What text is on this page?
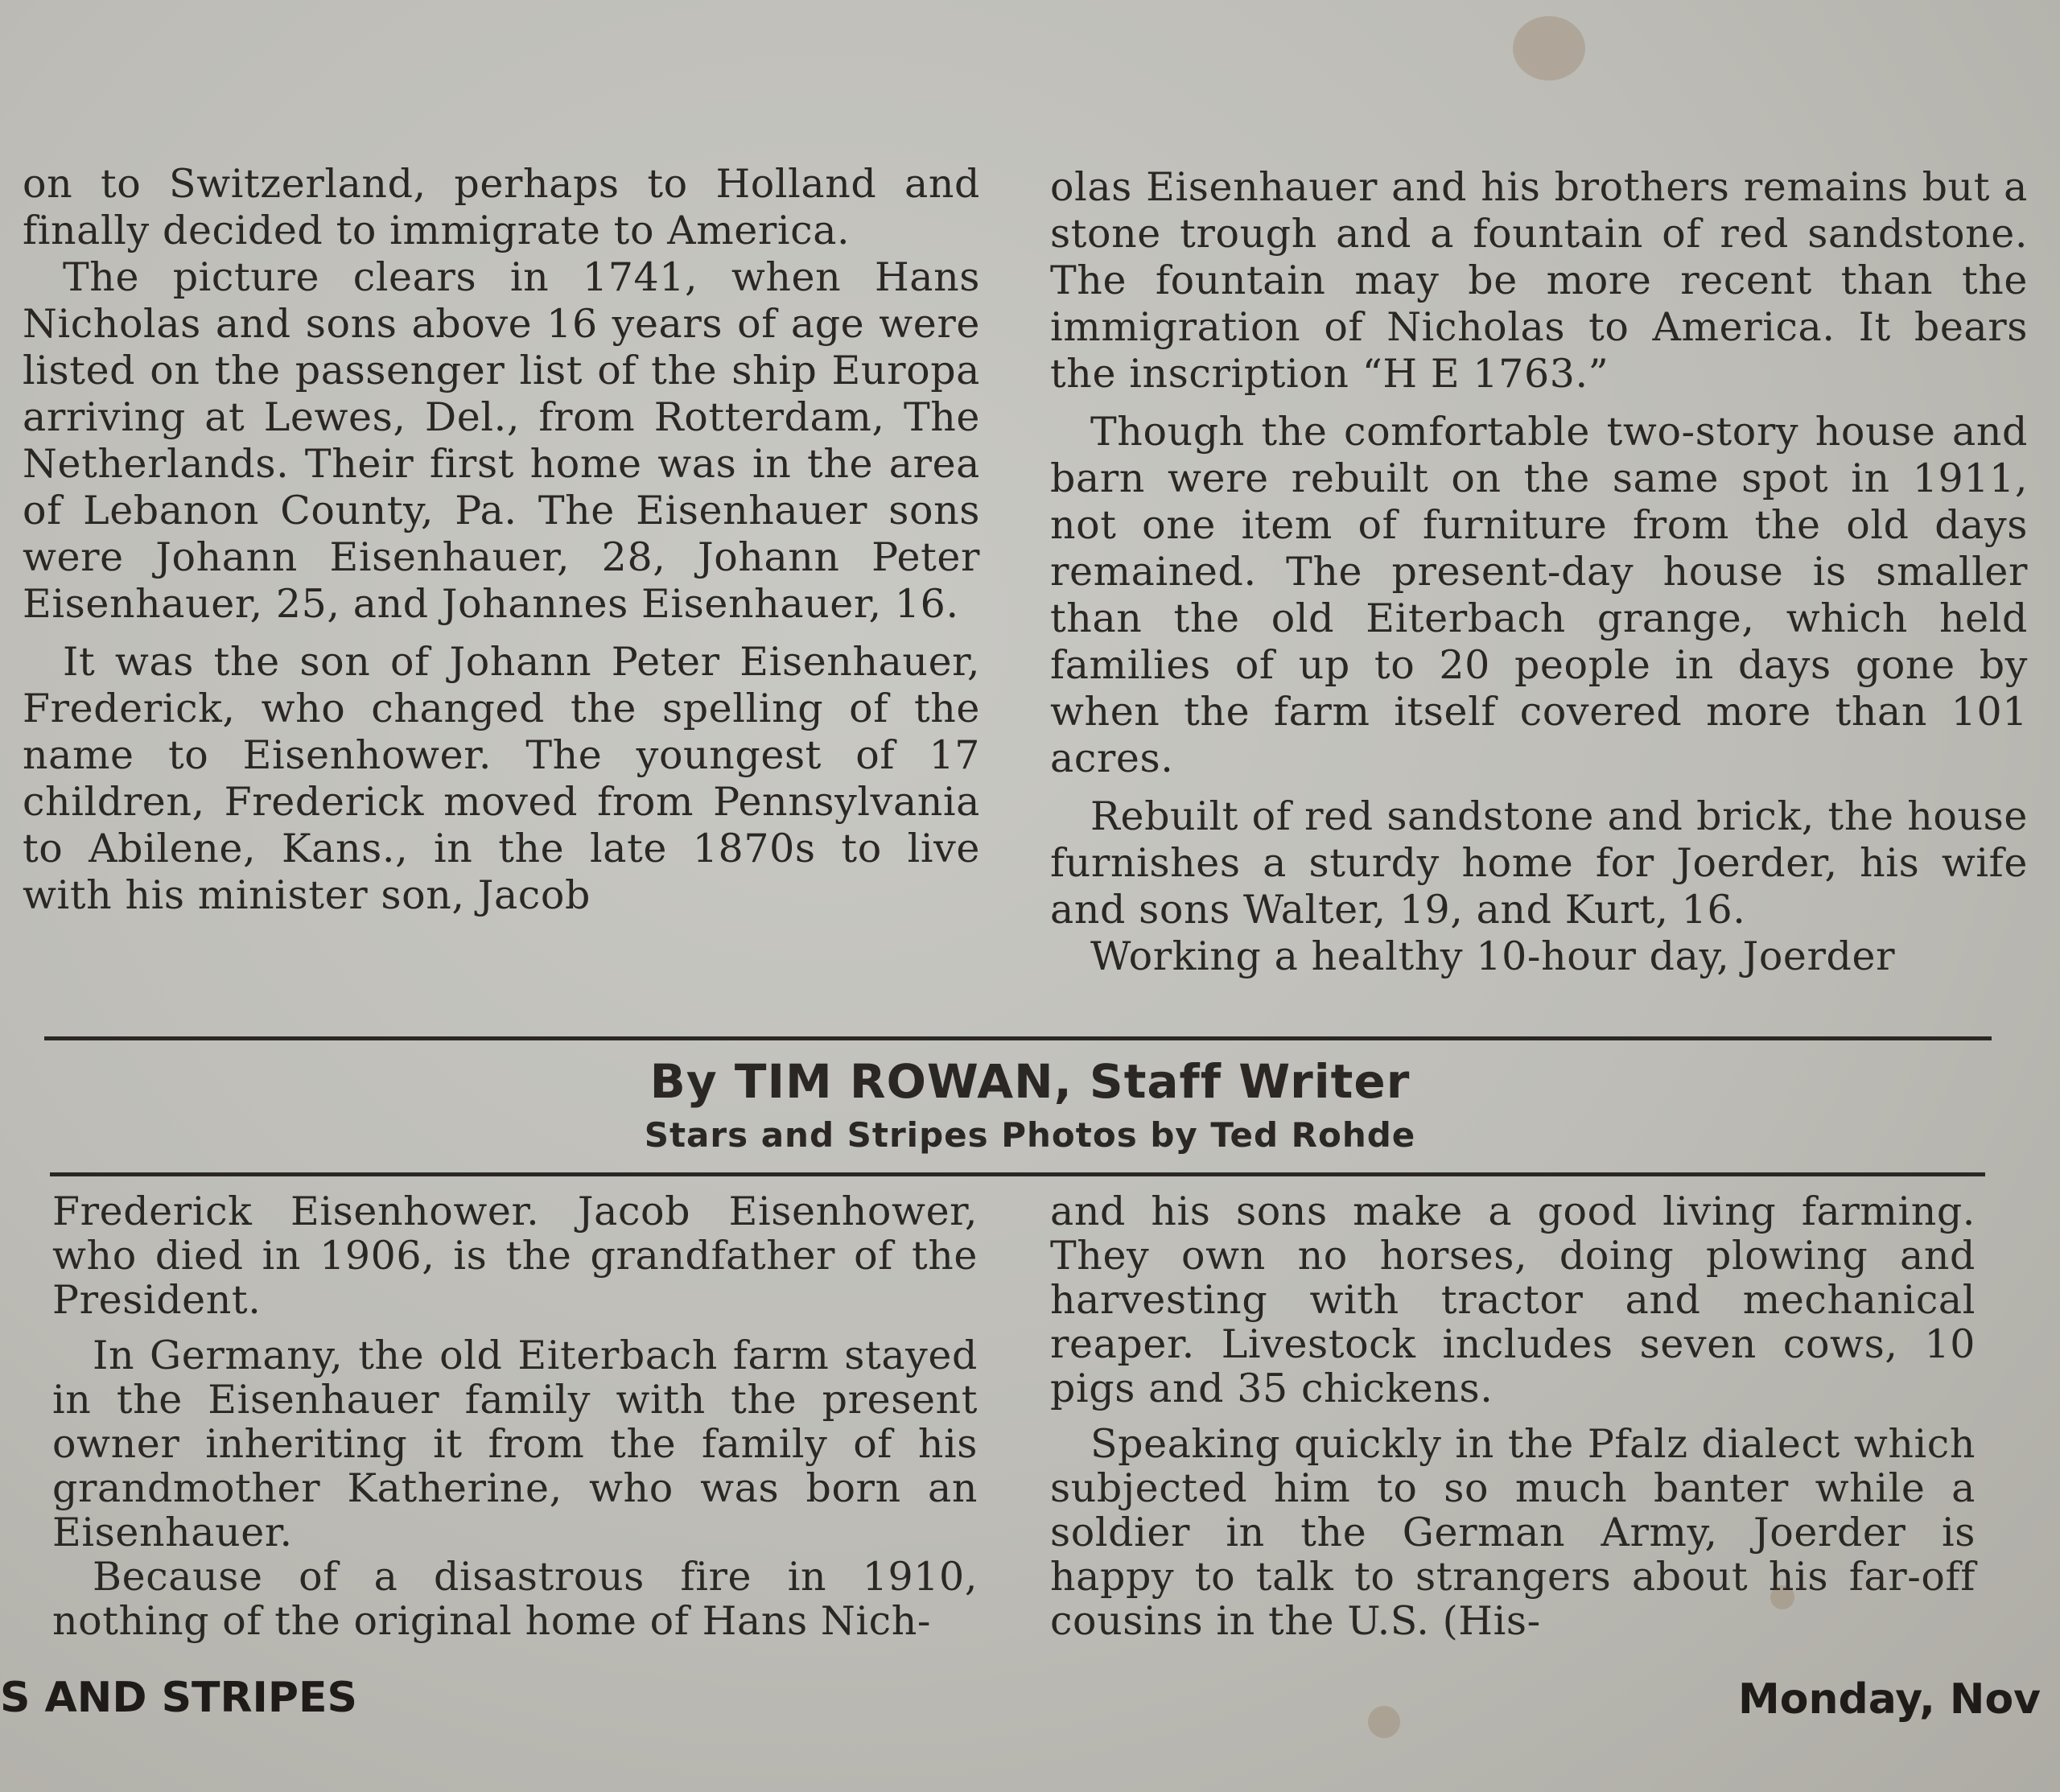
on to Switzerland, perhaps to Holland and finally decided to immigrate to America.

The picture clears in 1741, when Hans Nicholas and sons above 16 years of age were listed on the passenger list of the ship Europa arriving at Lewes, Del., from Rotterdam, The Netherlands. Their first home was in the area of Lebanon County, Pa. The Eisenhauer sons were Johann Eisenhauer, 28, Johann Peter Eisenhauer, 25, and Johannes Eisenhauer, 16.

It was the son of Johann Peter Eisenhauer, Frederick, who changed the spelling of the name to Eisenhower. The youngest of 17 children, Frederick moved from Pennsylvania to Abilene, Kans., in the late 1870s to live with his minister son, Jacob

olas Eisenhauer and his brothers remains but a stone trough and a fountain of red sandstone. The fountain may be more recent than the immigration of Nicholas to America. It bears the inscription “H E 1763.”

Though the comfortable two-story house and barn were rebuilt on the same spot in 1911, not one item of furniture from the old days remained. The present-day house is smaller than the old Eiterbach grange, which held families of up to 20 people in days gone by when the farm itself covered more than 101 acres.

Rebuilt of red sandstone and brick, the house furnishes a sturdy home for Joerder, his wife and sons Walter, 19, and Kurt, 16.

Working a healthy 10-hour day, Joerder

By TIM ROWAN, Staff Writer
Stars and Stripes Photos by Ted Rohde

Frederick Eisenhower. Jacob Eisenhower, who died in 1906, is the grandfather of the President.

In Germany, the old Eiterbach farm stayed in the Eisenhauer family with the present owner inheriting it from the family of his grandmother Katherine, who was born an Eisenhauer.

Because of a disastrous fire in 1910, nothing of the original home of Hans Nich-

and his sons make a good living farming. They own no horses, doing plowing and harvesting with tractor and mechanical reaper. Livestock includes seven cows, 10 pigs and 35 chickens.

Speaking quickly in the Pfalz dialect which subjected him to so much banter while a soldier in the German Army, Joerder is happy to talk to strangers about his far-off cousins in the U.S. (His-

S AND STRIPES	Monday, Nov
